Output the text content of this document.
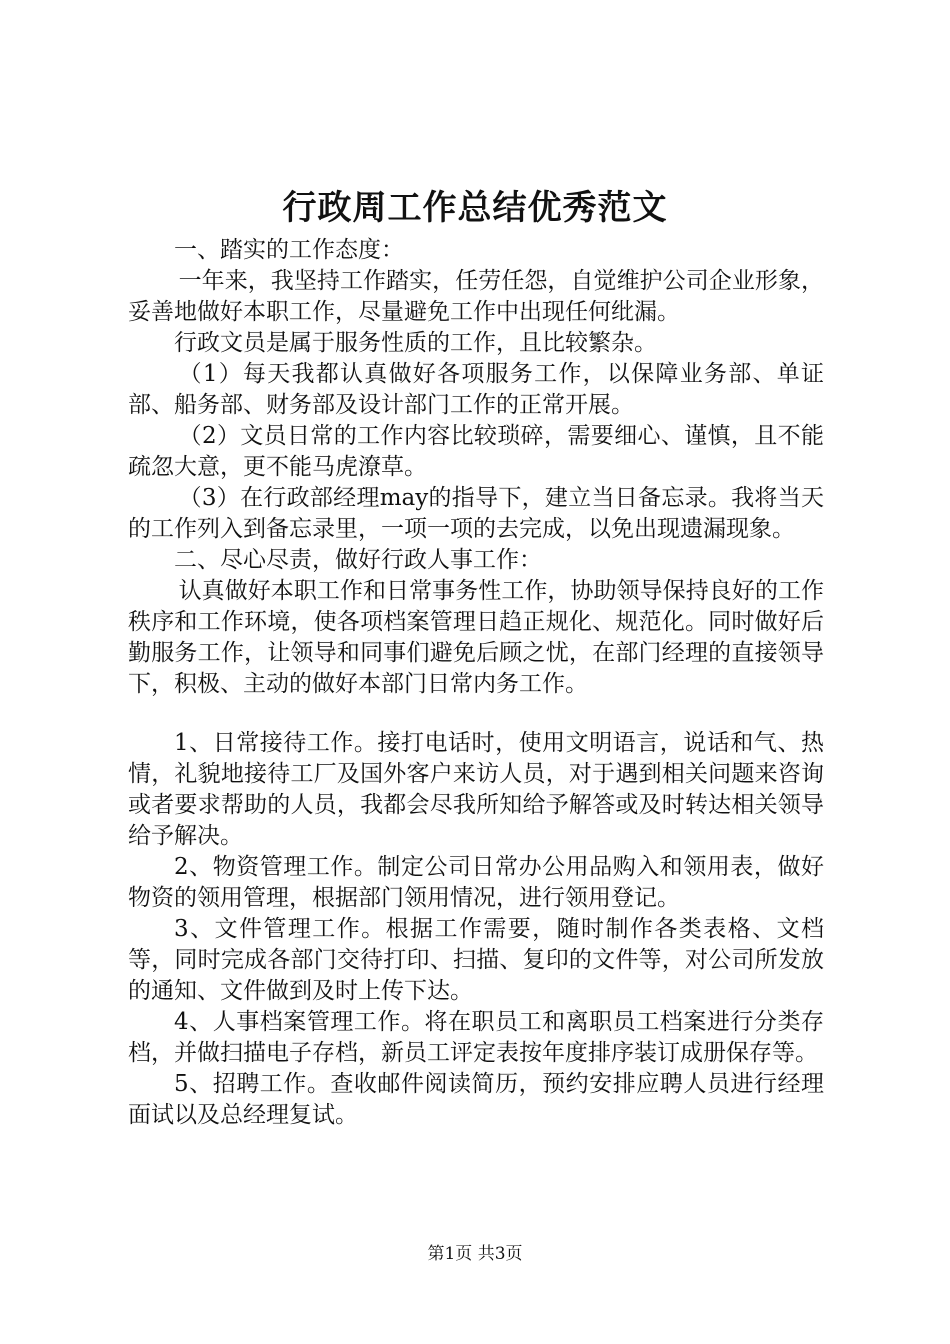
行政周工作总结优秀范文

一、踏实的工作态度：

一年来，我坚持工作踏实，任劳任怨，自觉维护公司企业形象，妥善地做好本职工作，尽量避免工作中出现任何纰漏。

行政文员是属于服务性质的工作，且比较繁杂。

（1）每天我都认真做好各项服务工作，以保障业务部、单证部、船务部、财务部及设计部门工作的正常开展。

（2）文员日常的工作内容比较琐碎，需要细心、谨慎，且不能疏忽大意，更不能马虎潦草。

（3）在行政部经理may的指导下，建立当日备忘录。我将当天的工作列入到备忘录里，一项一项的去完成，以免出现遗漏现象。

二、尽心尽责，做好行政人事工作：

认真做好本职工作和日常事务性工作，协助领导保持良好的工作秩序和工作环境，使各项档案管理日趋正规化、规范化。同时做好后勤服务工作，让领导和同事们避免后顾之忧，在部门经理的直接领导下，积极、主动的做好本部门日常内务工作。

1、日常接待工作。接打电话时，使用文明语言，说话和气、热情，礼貌地接待工厂及国外客户来访人员，对于遇到相关问题来咨询或者要求帮助的人员，我都会尽我所知给予解答或及时转达相关领导给予解决。

2、物资管理工作。制定公司日常办公用品购入和领用表，做好物资的领用管理，根据部门领用情况，进行领用登记。

3、文件管理工作。根据工作需要，随时制作各类表格、文档等，同时完成各部门交待打印、扫描、复印的文件等，对公司所发放的通知、文件做到及时上传下达。

4、人事档案管理工作。将在职员工和离职员工档案进行分类存档，并做扫描电子存档，新员工评定表按年度排序装订成册保存等。

5、招聘工作。查收邮件阅读简历，预约安排应聘人员进行经理面试以及总经理复试。

第1页 共3页
